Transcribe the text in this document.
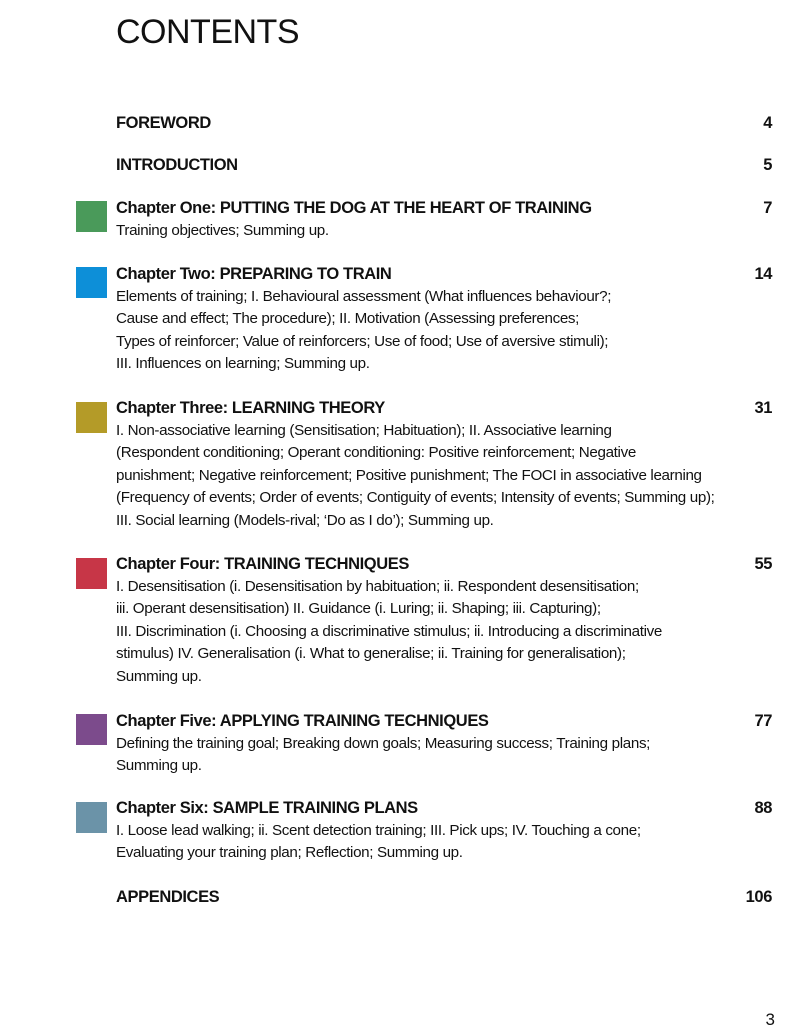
CONTENTS
FOREWORD	4
INTRODUCTION	5
Chapter One: PUTTING THE DOG AT THE HEART OF TRAINING	7
Training objectives; Summing up.
Chapter Two: PREPARING TO TRAIN	14
Elements of training; I. Behavioural assessment (What influences behaviour?;
Cause and effect; The procedure); II. Motivation (Assessing preferences;
Types of reinforcer; Value of reinforcers; Use of food; Use of aversive stimuli);
III. Influences on learning; Summing up.
Chapter Three: LEARNING THEORY	31
I. Non-associative learning (Sensitisation; Habituation); II. Associative learning
(Respondent conditioning; Operant conditioning: Positive reinforcement; Negative
punishment; Negative reinforcement; Positive punishment; The FOCI in associative learning
(Frequency of events; Order of events; Contiguity of events; Intensity of events; Summing up);
III. Social learning (Models-rival; ‘Do as I do’); Summing up.
Chapter Four: TRAINING TECHNIQUES	55
I. Desensitisation (i. Desensitisation by habituation; ii. Respondent desensitisation;
iii. Operant desensitisation) II. Guidance (i. Luring; ii. Shaping; iii. Capturing);
III. Discrimination (i. Choosing a discriminative stimulus; ii. Introducing a discriminative
stimulus) IV. Generalisation (i. What to generalise; ii. Training for generalisation);
Summing up.
Chapter Five: APPLYING TRAINING TECHNIQUES	77
Defining the training goal; Breaking down goals; Measuring success; Training plans;
Summing up.
Chapter Six: SAMPLE TRAINING PLANS	88
I. Loose lead walking; ii. Scent detection training; III. Pick ups; IV. Touching a cone;
Evaluating your training plan; Reflection; Summing up.
APPENDICES	106
3
